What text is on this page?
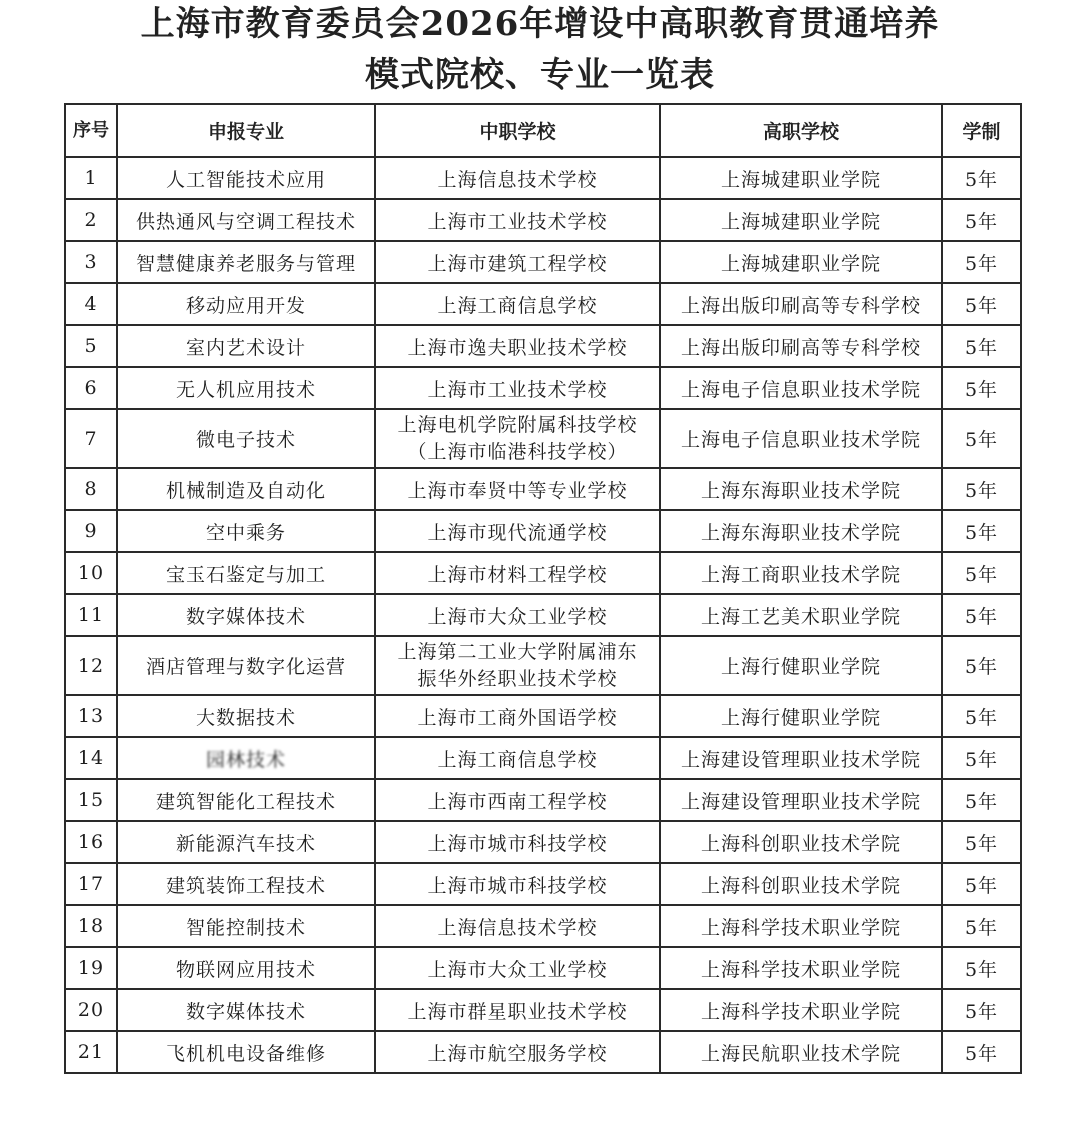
上海市教育委员会2026年增设中高职教育贯通培养
模式院校、专业一览表
序号	申报专业	中职学校	高职学校	学制
1	人工智能技术应用	上海信息技术学校	上海城建职业学院	5年
2	供热通风与空调工程技术	上海市工业技术学校	上海城建职业学院	5年
3	智慧健康养老服务与管理	上海市建筑工程学校	上海城建职业学院	5年
4	移动应用开发	上海工商信息学校	上海出版印刷高等专科学校	5年
5	室内艺术设计	上海市逸夫职业技术学校	上海出版印刷高等专科学校	5年
6	无人机应用技术	上海市工业技术学校	上海电子信息职业技术学院	5年
7	微电子技术	上海电机学院附属科技学校
（上海市临港科技学校）	上海电子信息职业技术学院	5年
8	机械制造及自动化	上海市奉贤中等专业学校	上海东海职业技术学院	5年
9	空中乘务	上海市现代流通学校	上海东海职业技术学院	5年
10	宝玉石鉴定与加工	上海市材料工程学校	上海工商职业技术学院	5年
11	数字媒体技术	上海市大众工业学校	上海工艺美术职业学院	5年
12	酒店管理与数字化运营	上海第二工业大学附属浦东
振华外经职业技术学校	上海行健职业学院	5年
13	大数据技术	上海市工商外国语学校	上海行健职业学院	5年
14	园林技术	上海工商信息学校	上海建设管理职业技术学院	5年
15	建筑智能化工程技术	上海市西南工程学校	上海建设管理职业技术学院	5年
16	新能源汽车技术	上海市城市科技学校	上海科创职业技术学院	5年
17	建筑装饰工程技术	上海市城市科技学校	上海科创职业技术学院	5年
18	智能控制技术	上海信息技术学校	上海科学技术职业学院	5年
19	物联网应用技术	上海市大众工业学校	上海科学技术职业学院	5年
20	数字媒体技术	上海市群星职业技术学校	上海科学技术职业学院	5年
21	飞机机电设备维修	上海市航空服务学校	上海民航职业技术学院	5年
